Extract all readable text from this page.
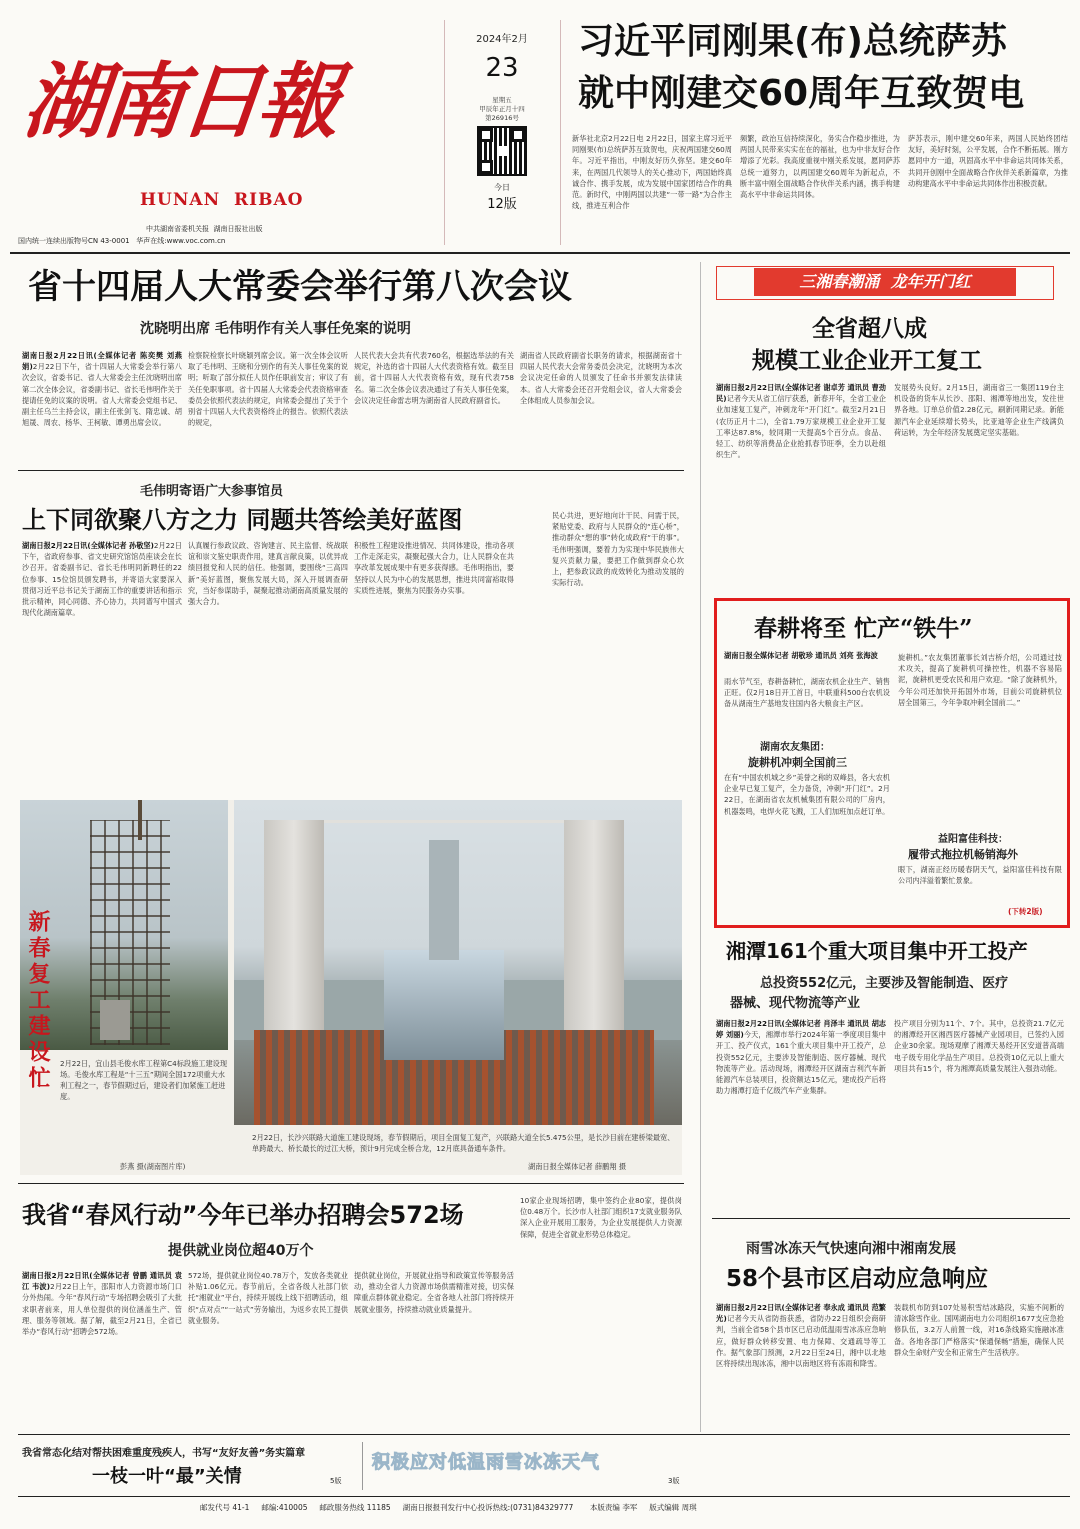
湖南日報
HUNAN  RIBAO
中共湖南省委机关报 湖南日报社出版
国内统一连续出版物号CN 43-0001 华声在线:www.voc.com.cn
2024年2月
23
星期五
甲辰年正月十四
第26916号
今日
12版
习近平同刚果(布)总统萨苏
就中刚建交60周年互致贺电
新华社北京2月22日电 2月22日，国家主席习近平同刚果(布)总统萨苏互致贺电，庆祝两国建交60周年。习近平指出，中刚友好历久弥坚。建交60年来，在两国几代领导人的关心推动下，两国始终真诚合作、携手发展，成为发展中国家团结合作的典范。新时代，中刚两国以共建“一带一路”为合作主线，推进互利合作
频繁，政治互信持续深化，务实合作稳步推进，为两国人民带来实实在在的福祉，也为中非友好合作增添了光彩。我高度重视中刚关系发展，愿同萨苏总统一道努力，以两国建交60周年为新起点，不断丰富中刚全面战略合作伙伴关系内涵，携手构建高水平中非命运共同体。
萨苏表示，刚中建交60年来，两国人民始终团结友好，美好时刻，公平发展，合作不断拓展。刚方愿同中方一道，巩固高水平中非命运共同体关系，共同开创刚中全面战略合作伙伴关系新篇章，为推动构建高水平中非命运共同体作出积极贡献。
省十四届人大常委会举行第八次会议
沈晓明出席 毛伟明作有关人事任免案的说明
湖南日报2月22日讯(全媒体记者 陈奕樊 刘燕娟)2月22日下午，省十四届人大常委会举行第八次会议，省委书记、省人大常委会主任沈晓明出席第二次全体会议，省委副书记、省长毛伟明作关于提请任免的议案的说明。省人大常委会党组书记、副主任乌兰主持会议，副主任张剑飞、隋忠诚、胡旭晟、周农、杨华、王柯敏、谭勇出席会议。
检察院检察长叶晓颖列席会议。第一次全体会议听取了毛伟明、王晓和分别作的有关人事任免案的说明；听取了部分拟任人员作任职前发言；审议了有关任免职事项。省十四届人大常委会代表资格审查委员会依照代表法的规定，向常委会提出了关于个别省十四届人大代表资格终止的报告。依照代表法的规定，
人民代表大会共有代表760名，根据选举法的有关规定，补选的省十四届人大代表资格有效。截至目前，省十四届人大代表资格有效，现有代表758名。第二次全体会议表决通过了有关人事任免案，会议决定任命雷志明为湖南省人民政府副省长。
湖南省人民政府副省长职务的请求，根据湖南省十四届人民代表大会常务委员会决定，沈晓明为本次会议决定任命的人员颁发了任命书并颁发法律读本。省人大常委会还召开党组会议，省人大常委会全体组成人员参加会议。
毛伟明寄语广大参事馆员
上下同欲聚八方之力 同题共答绘美好蓝图
湖南日报2月22日讯(全媒体记者 孙敬坚)2月22日下午，省政府参事、省文史研究馆馆员座谈会在长沙召开。省委副书记、省长毛伟明同新聘任的22位参事、15位馆员颁发聘书，并寄语大家要深入贯彻习近平总书记关于湖南工作的重要讲话和指示批示精神，同心同德、齐心协力，共同谱写中国式现代化湖南篇章。
认真履行参政议政、咨询建言、民主监督、统战联谊和崇文鉴史职责作用，建真言献良策，以优异成绩回报党和人民的信任。他强调，要围绕“三高四新”美好蓝图，聚焦发展大局，深入开展调查研究，当好参谋助手，凝聚起推动湖南高质量发展的强大合力。
积极性工程建设推进情况、共同体建设，推动各项工作走深走实，凝聚起强大合力，让人民群众在共享改革发展成果中有更多获得感。毛伟明指出，要坚持以人民为中心的发展思想，推进共同富裕取得实质性进展，聚焦为民服务办实事。
民心共进，更好地向计干民、问需于民，紧贴党委、政府与人民群众的“连心桥”，推动群众“想的事”转化成政府“干的事”。毛伟明强调，要着力为实现中华民族伟大复兴贡献力量，要把工作做到群众心坎上，把参政议政的成效转化为推动发展的实际行动。
新春复工建设忙	2月22日，宜山县毛俊水库工程第C4标段施工建设现场。毛俊水库工程是“十三五”期间全国172项重大水利工程之一，春节假期过后，建设者们加紧施工赶进度。
彭燕 摄(湖南图片库)
2月22日，长沙兴联路大道施工建设现场，春节假期后，项目全面复工复产，兴联路大道全长5.475公里，是长沙目前在建桥梁最宽、单跨最大、桥长最长的过江大桥，预计9月完成全桥合龙，12月底具备通车条件。
湖南日报全媒体记者 薛鹏翔 摄
我省“春风行动”今年已举办招聘会572场
提供就业岗位超40万个
湖南日报2月22日讯(全媒体记者 曾鹏 通讯员 袁江 韦波)2月22日上午，邵阳市人力资源市场门口分外热闹。今年“春风行动”专场招聘会吸引了大批求职者前来，用人单位提供的岗位涵盖生产、管理、服务等领域。据了解，截至2月21日，全省已举办“春风行动”招聘会572场。
572场，提供就业岗位40.78万个，发放各类就业补贴1.06亿元。春节前后，全省各级人社部门依托“湘就业”平台，持续开展线上线下招聘活动，组织“点对点”“一站式”劳务输出，为返乡农民工提供就业服务。
提供就业岗位，开展就业指导和政策宣传等服务活动，推动全省人力资源市场供需精准对接，切实保障重点群体就业稳定。全省各地人社部门将持续开展就业服务，持续推动就业质量提升。
10家企业现场招聘，集中签约企业80家，提供岗位0.48万个。长沙市人社部门组织17支就业服务队深入企业开展用工服务，为企业发展提供人力资源保障，促进全省就业形势总体稳定。
我省常态化结对帮扶困难重度残疾人，书写“友好友善”务实篇章
一枝一叶“最”关情	5版
积极应对低温雨雪冰冻天气
3版
邮发代号 41-1 邮编:410005 邮政服务热线 11185 湖南日报报刊发行中心投诉热线:(0731)84329777 本版责编 李军 版式编辑 周琪
三湘春潮涌  龙年开门红
全省超八成
规模工业企业开工复工
湖南日报2月22日讯(全媒体记者 谢卓芳 通讯员 曹劲民)记者今天从省工信厅获悉，新春开年，全省工业企业加速复工复产，冲刺龙年“开门红”。截至2月21日(农历正月十二)，全省1.79万家规模工业企业开工复工率达87.8%，较同期一天提高5个百分点。食品、轻工、纺织等消费品企业抢抓春节旺季，全力以赴组织生产。
发展势头良好。2月15日，湖南省三一集团119台主机设备的货车从长沙、邵阳、湘潭等地出发，发往世界各地。订单总价值2.28亿元，刷新同期记录。新能源汽车企业延续增长势头，比亚迪等企业生产线满负荷运转，为全年经济发展奠定坚实基础。
春耕将至 忙产“铁牛”
湖南日报全媒体记者 胡敬珍 通讯员 刘亮 张海波
雨水节气至，春耕备耕忙，湖南农机企业生产、销售正旺。仅2月18日开工首日，中联重科500台农机设备从湖南生产基地发往国内各大粮食主产区。
湖南农友集团：
旋耕机冲刺全国前三
在有“中国农机城之乡”美誉之称的双峰县，各大农机企业早已复工复产，全力备货，冲刺“开门红”。2月22日，在湖南省农友机械集团有限公司的厂房内，机器轰鸣，电焊火花飞溅，工人们加班加点赶订单。
旋耕机。”农友集团董事长刘吉桥介绍，公司通过技术攻关，提高了旋耕机可操控性，机器不容易陷泥，旋耕机更受农民和用户欢迎。“除了旋耕机外，今年公司还加快开拓国外市场，目前公司旋耕机位居全国第三，今年争取冲刺全国前二。”
益阳富佳科技：
履带式拖拉机畅销海外
眼下，湖南正经历暖春阴天气，益阳富佳科技有限公司内洋溢着繁忙景象。
(下转2版)
湘潭161个重大项目集中开工投产
总投资552亿元，主要涉及智能制造、医疗
器械、现代物流等产业
湖南日报2月22日讯(全媒体记者 肖泽丰 通讯员 胡志婷 刘丽)今天，湘潭市举行2024年第一季度项目集中开工、投产仪式，161个重大项目集中开工投产，总投资552亿元，主要涉及智能制造、医疗器械、现代物流等产业。活动现场，湘潭经开区湖南吉利汽车新能源汽车总装项目，投资额达15亿元，建成投产后将助力湘潭打造千亿级汽车产业集群。
投产项目分别为11个、7个。其中，总投资21.7亿元的湘潭经开区湘西医疗器械产业园项目，已签约入园企业30余家。现场观摩了湘潭天易经开区安道普高端电子级专用化学品生产项目。总投资10亿元以上重大项目共有15个，将为湘潭高质量发展注入强劲动能。
雨雪冰冻天气快速向湘中湘南发展
58个县市区启动应急响应
湖南日报2月22日讯(全媒体记者 奉永成 通讯员 范繁光)记者今天从省防指获悉，省防办22日组织会商研判，当前全省58个县市区已启动低温雨雪冰冻应急响应，做好群众转移安置、电力保障、交通疏导等工作。据气象部门预测，2月22日至24日，湘中以北地区将持续出现冰冻，湘中以南地区将有冻雨和降雪。
装载机布防到107处易积雪结冰路段，实施不间断的清冰除雪作业。国网湖南电力公司组织1677支应急抢修队伍，3.2万人前置一线，对16条线路实施融冰准备。各地各部门严格落实“保通保畅”措施，确保人民群众生命财产安全和正常生产生活秩序。
